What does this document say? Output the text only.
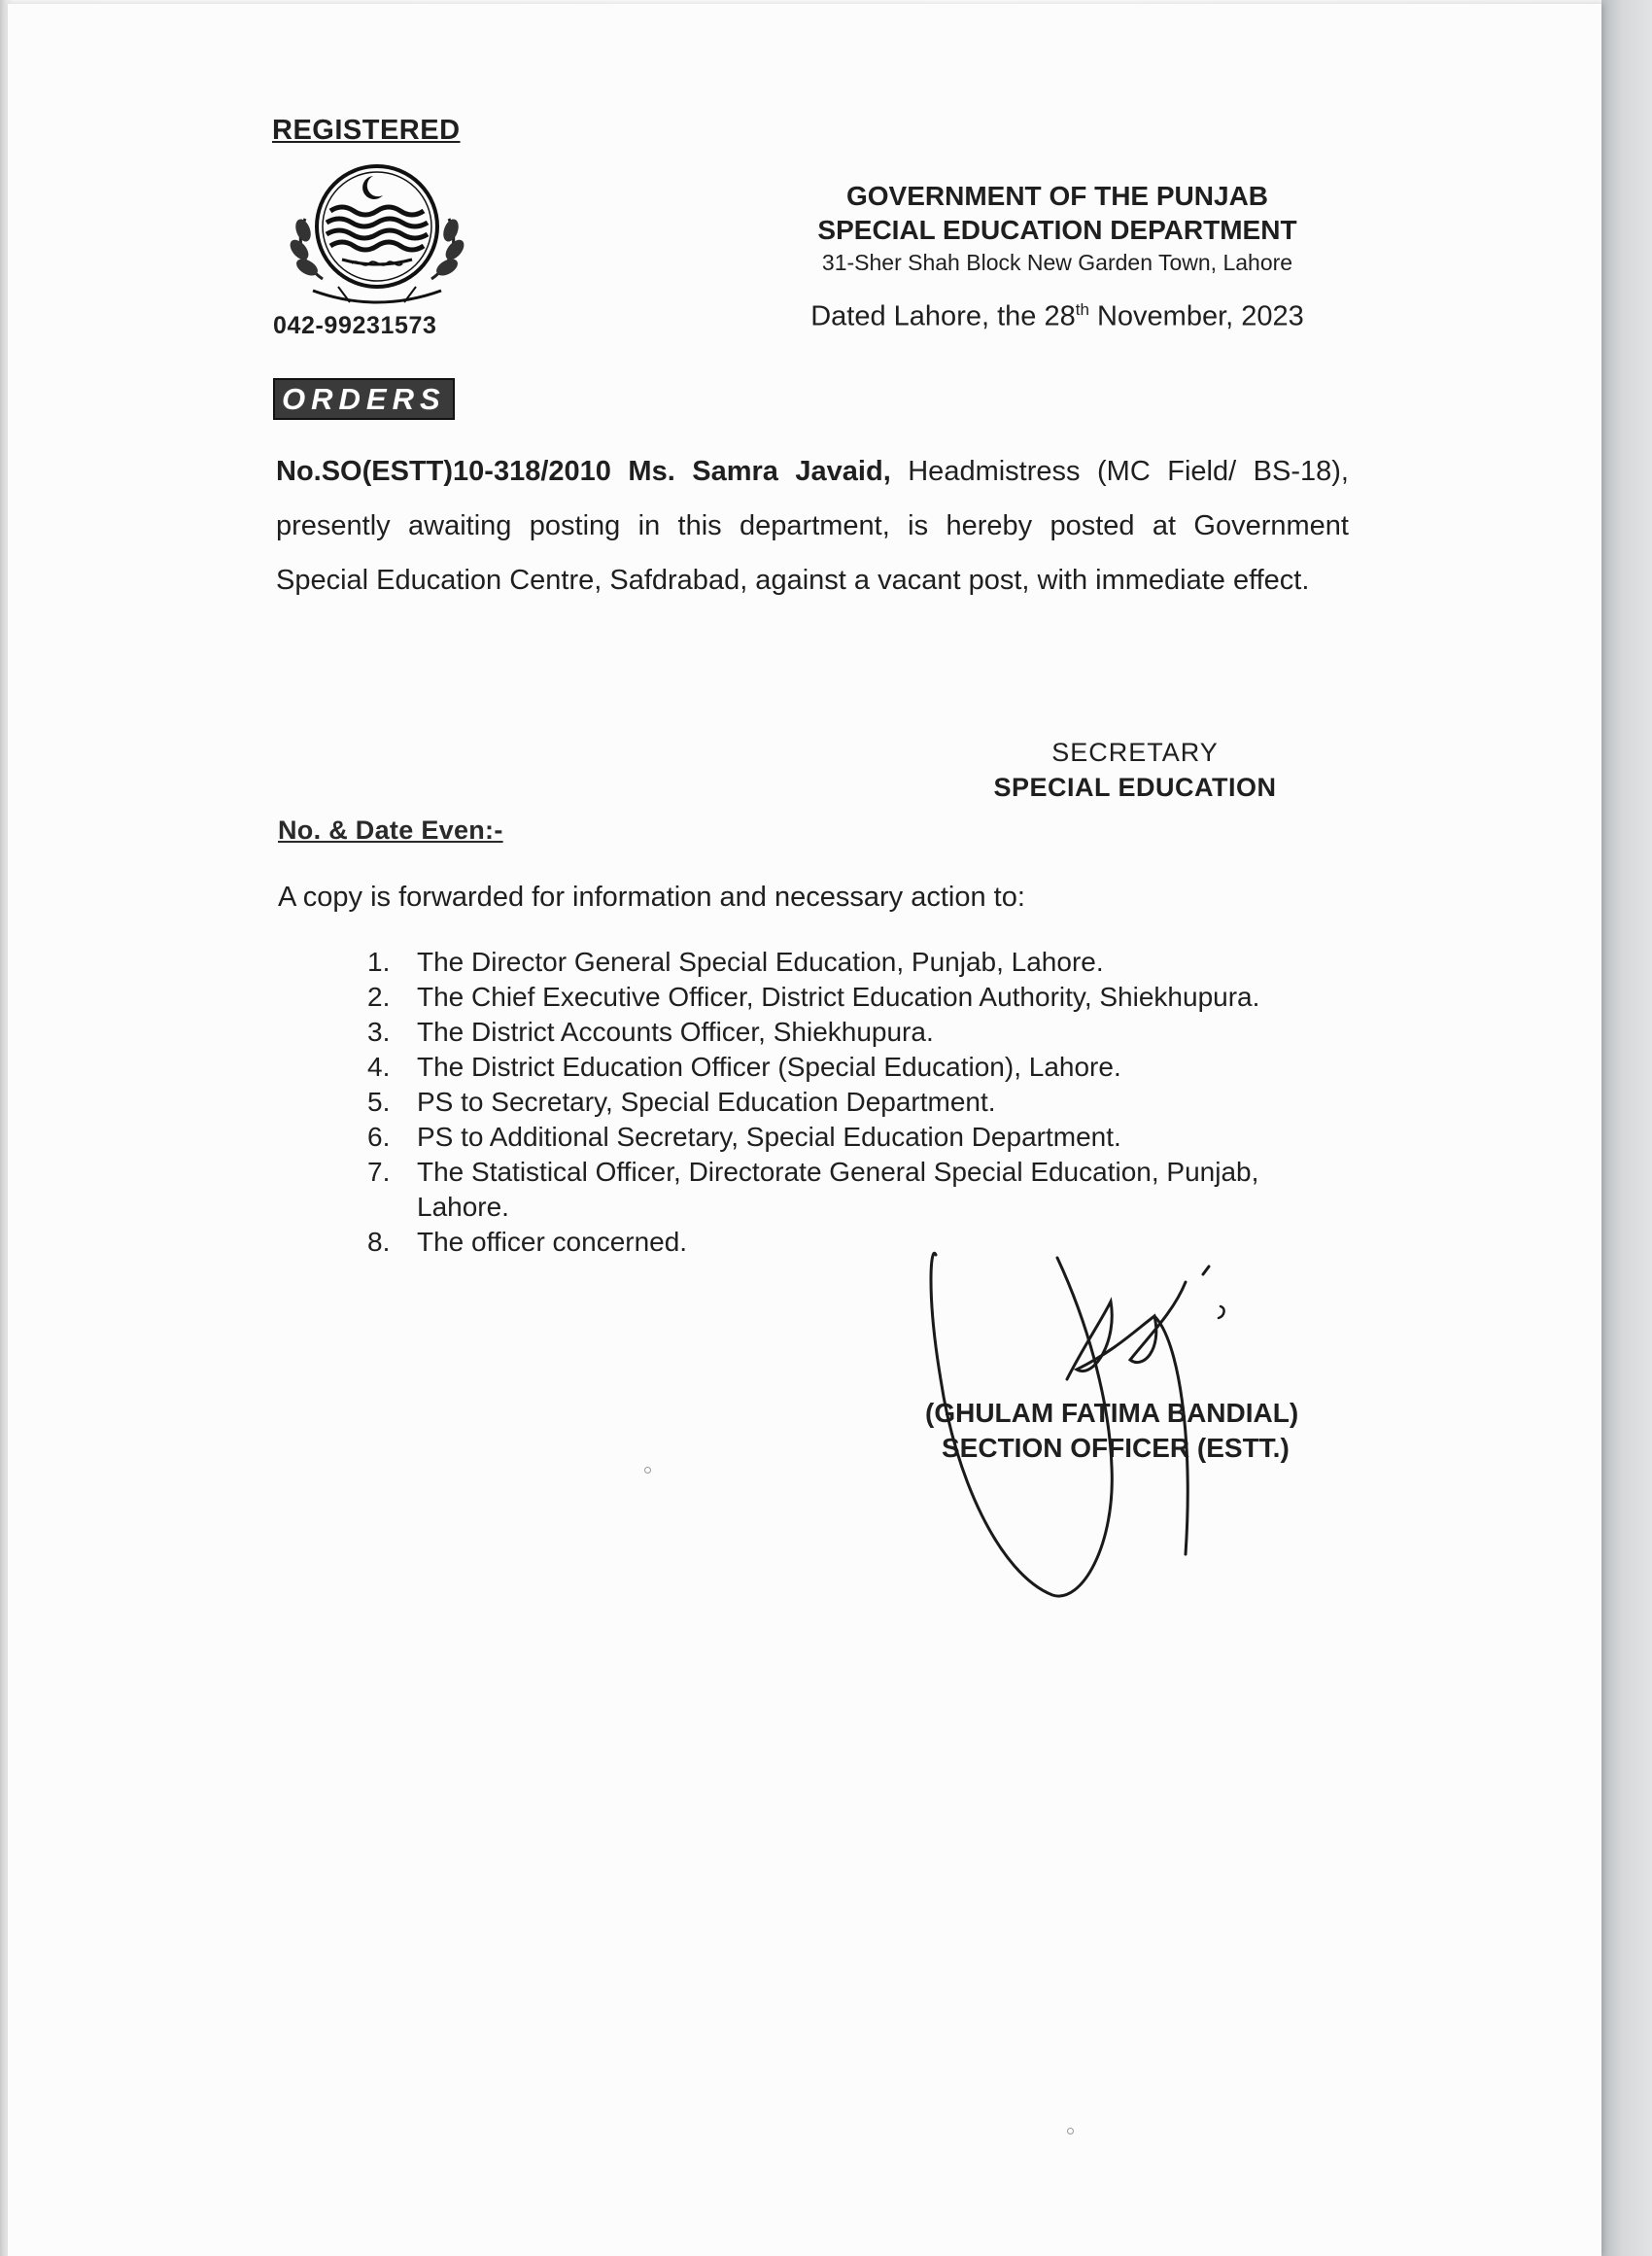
REGISTERED
042-99231573
GOVERNMENT OF THE PUNJAB
SPECIAL EDUCATION DEPARTMENT
31-Sher Shah Block New Garden Town, Lahore
Dated Lahore, the 28th November, 2023
ORDERS
No.SO(ESTT)10-318/2010 Ms. Samra Javaid, Headmistress (MC Field/ BS-18), presently awaiting posting in this department, is hereby posted at Government Special Education Centre, Safdrabad, against a vacant post, with immediate effect.
SECRETARY
SPECIAL EDUCATION
No. & Date Even:-
A copy is forwarded for information and necessary action to:
1. The Director General Special Education, Punjab, Lahore.
2. The Chief Executive Officer, District Education Authority, Shiekhupura.
3. The District Accounts Officer, Shiekhupura.
4. The District Education Officer (Special Education), Lahore.
5. PS to Secretary, Special Education Department.
6. PS to Additional Secretary, Special Education Department.
7. The Statistical Officer, Directorate General Special Education, Punjab, Lahore.
8. The officer concerned.
(GHULAM FATIMA BANDIAL)
SECTION OFFICER (ESTT.)
